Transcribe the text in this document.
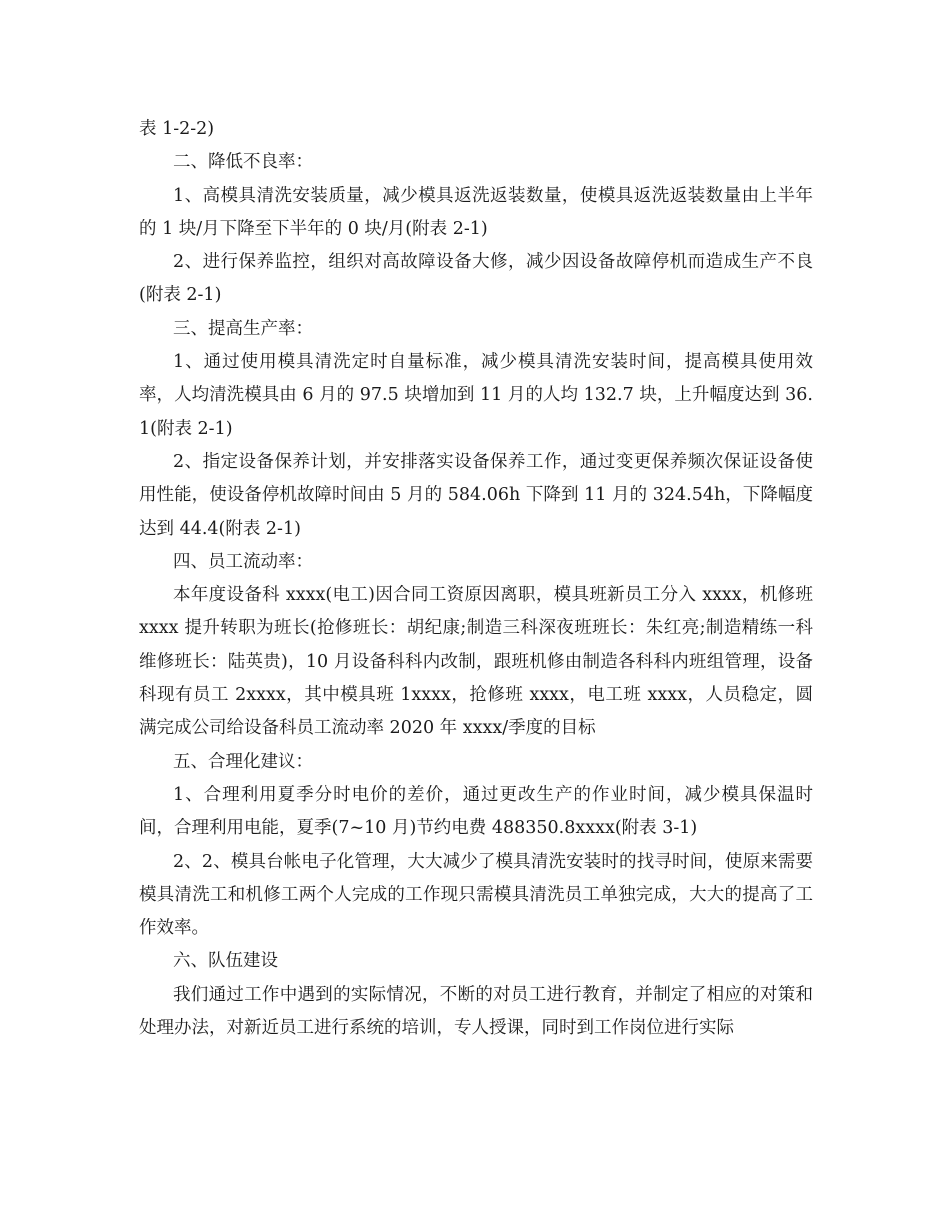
表 1-2-2)

二、降低不良率：

1、高模具清洗安装质量，减少模具返洗返装数量，使模具返洗返装数量由上半年的 1 块/月下降至下半年的 0 块/月(附表 2-1)

2、进行保养监控，组织对高故障设备大修，减少因设备故障停机而造成生产不良(附表 2-1)

三、提高生产率：

1、通过使用模具清洗定时自量标准，减少模具清洗安装时间，提高模具使用效率，人均清洗模具由 6 月的 97.5 块增加到 11 月的人均 132.7 块，上升幅度达到 36.1(附表 2-1)

2、指定设备保养计划，并安排落实设备保养工作，通过变更保养频次保证设备使用性能，使设备停机故障时间由 5 月的 584.06h 下降到 11 月的 324.54h，下降幅度达到 44.4(附表 2-1)

四、员工流动率：

本年度设备科 xxxx(电工)因合同工资原因离职，模具班新员工分入 xxxx，机修班 xxxx 提升转职为班长(抢修班长：胡纪康;制造三科深夜班班长：朱红亮;制造精练一科维修班长：陆英贵)，10 月设备科科内改制，跟班机修由制造各科科内班组管理，设备科现有员工 2xxxx，其中模具班 1xxxx，抢修班 xxxx，电工班 xxxx，人员稳定，圆满完成公司给设备科员工流动率 2020 年 xxxx/季度的目标

五、合理化建议：

1、合理利用夏季分时电价的差价，通过更改生产的作业时间，减少模具保温时间，合理利用电能，夏季(7~10 月)节约电费 488350.8xxxx(附表 3-1)

2、2、模具台帐电子化管理，大大减少了模具清洗安装时的找寻时间，使原来需要模具清洗工和机修工两个人完成的工作现只需模具清洗员工单独完成，大大的提高了工作效率。

六、队伍建设

我们通过工作中遇到的实际情况，不断的对员工进行教育，并制定了相应的对策和处理办法，对新近员工进行系统的培训，专人授课，同时到工作岗位进行实际
